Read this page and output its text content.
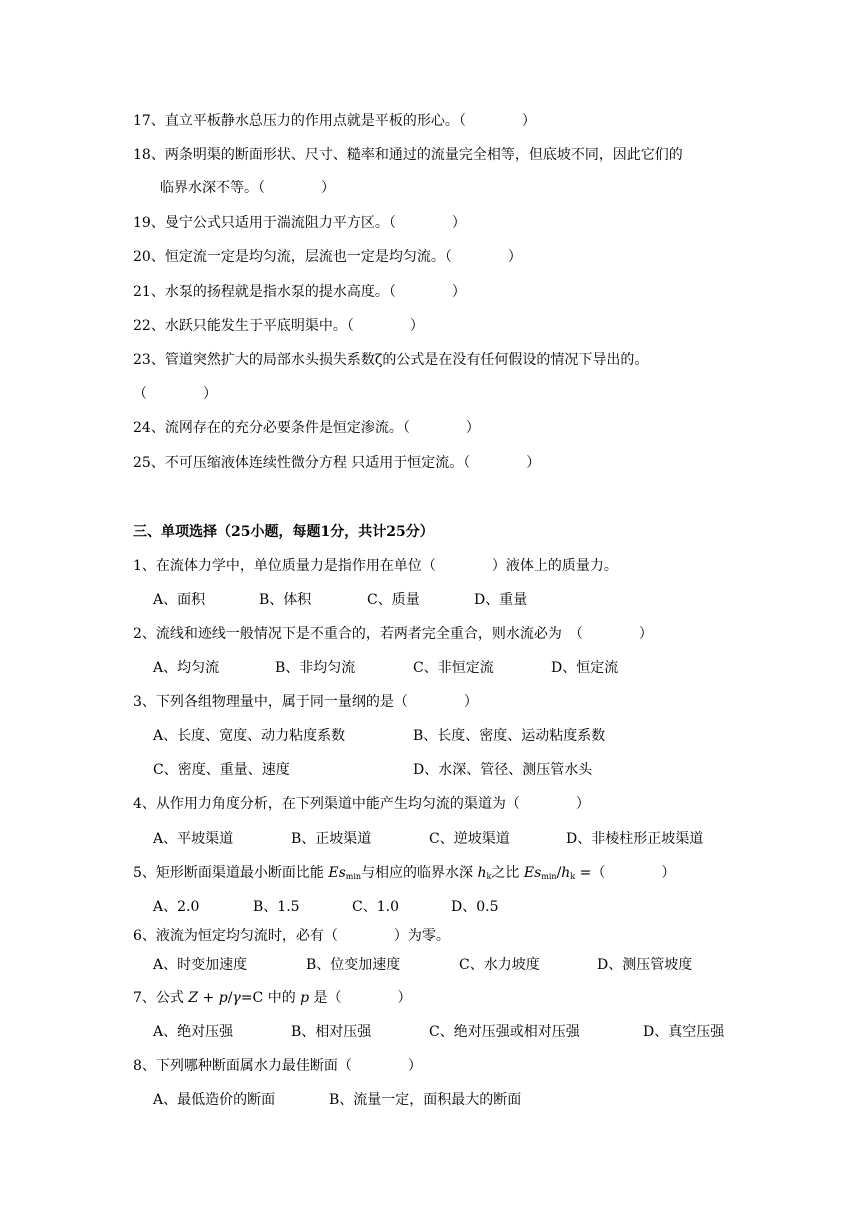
17、直立平板静水总压力的作用点就是平板的形心。（　　　　）
18、两条明渠的断面形状、尺寸、糙率和通过的流量完全相等，但底坡不同，因此它们的
临界水深不等。（　　　　）
19、曼宁公式只适用于湍流阻力平方区。（　　　　）
20、恒定流一定是均匀流，层流也一定是均匀流。（　　　　）
21、水泵的扬程就是指水泵的提水高度。（　　　　）
22、水跃只能发生于平底明渠中。（　　　　）
23、管道突然扩大的局部水头损失系数ζ的公式是在没有任何假设的情况下导出的。
（　　　　）
24、流网存在的充分必要条件是恒定渗流。（　　　　）
25、不可压缩液体连续性微分方程 只适用于恒定流。（　　　　）
三、单项选择（25小题，每题1分，共计25分）
1、在流体力学中，单位质量力是指作用在单位（　　　　）液体上的质量力。
A、面积	B、体积	C、质量	D、重量
2、流线和迹线一般情况下是不重合的，若两者完全重合，则水流必为　（　　　　）
A、均匀流	B、非均匀流	C、非恒定流	D、恒定流
3、下列各组物理量中，属于同一量纲的是（　　　　）
A、长度、宽度、动力粘度系数	B、长度、密度、运动粘度系数
C、密度、重量、速度	D、水深、管径、测压管水头
4、从作用力角度分析，在下列渠道中能产生均匀流的渠道为（　　　　）
A、平坡渠道	B、正坡渠道	C、逆坡渠道	D、非棱柱形正坡渠道
5、矩形断面渠道最小断面比能 $Es_{min}$与相应的临界水深 $h_k$之比 $Es_{min}/h_k$ =（　　　　）
A、2.0	B、1.5	C、1.0	D、0.5
6、液流为恒定均匀流时，必有（　　　　）为零。
A、时变加速度	B、位变加速度	C、水力坡度	D、测压管坡度
7、公式 Z + p/γ=C 中的 p 是（　　　　）
A、绝对压强	B、相对压强	C、绝对压强或相对压强	D、真空压强
8、下列哪种断面属水力最佳断面（　　　　）
A、最低造价的断面	B、流量一定，面积最大的断面
